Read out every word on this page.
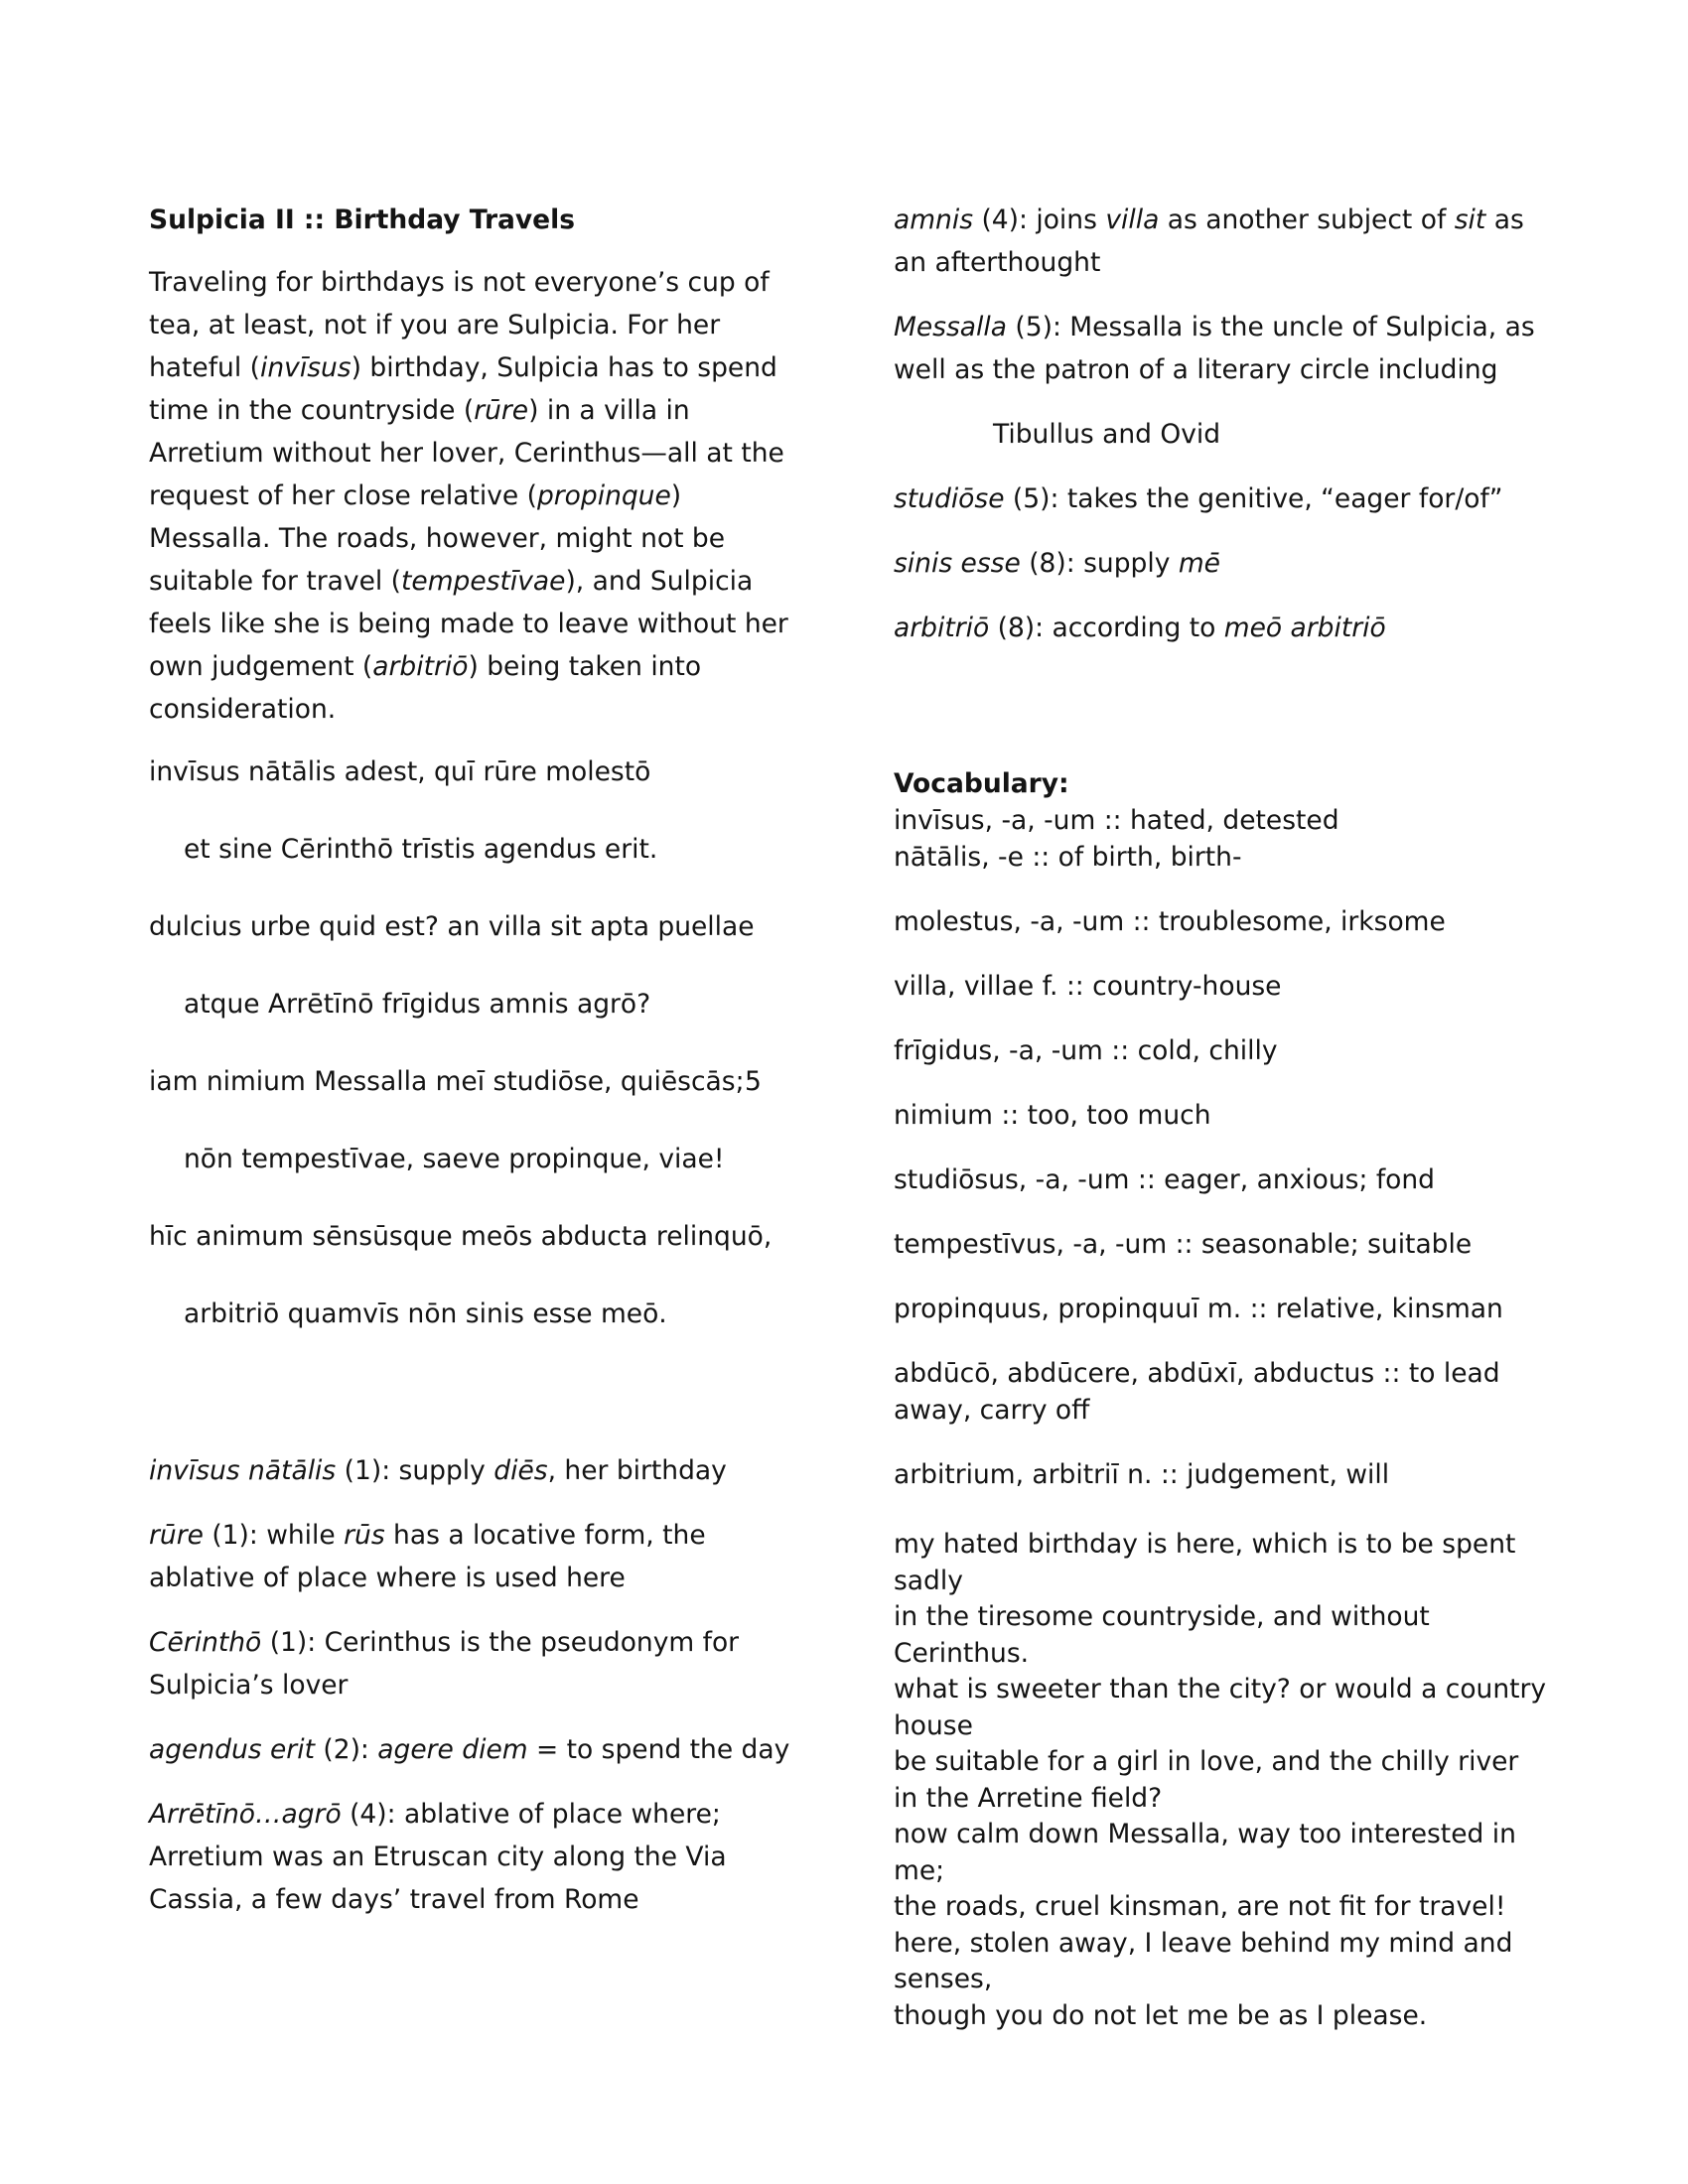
Sulpicia II :: Birthday Travels

Traveling for birthdays is not everyone’s cup of tea, at least, not if you are Sulpicia. For her hateful (invīsus) birthday, Sulpicia has to spend time in the countryside (rūre) in a villa in Arretium without her lover, Cerinthus—all at the request of her close relative (propinque) Messalla. The roads, however, might not be suitable for travel (tempestīvae), and Sulpicia feels like she is being made to leave without her own judgement (arbitriō) being taken into consideration.

invīsus nātālis adest, quī rūre molestō

et sine Cērinthō trīstis agendus erit.

dulcius urbe quid est? an villa sit apta puellae

atque Arrētīnō frīgidus amnis agrō?

iam nimium Messalla meī studiōse, quiēscās; 5

nōn tempestīvae, saeve propinque, viae!

hīc animum sēnsūsque meōs abducta relinquō,

arbitriō quamvīs nōn sinis esse meō.

invīsus nātālis (1): supply diēs, her birthday

rūre (1): while rūs has a locative form, the ablative of place where is used here

Cērinthō (1): Cerinthus is the pseudonym for Sulpicia’s lover

agendus erit (2): agere diem = to spend the day

Arrētīnō…agrō (4): ablative of place where; Arretium was an Etruscan city along the Via Cassia, a few days’ travel from Rome

amnis (4): joins villa as another subject of sit as an afterthought

Messalla (5): Messalla is the uncle of Sulpicia, as well as the patron of a literary circle including

Tibullus and Ovid

studiōse (5): takes the genitive, “eager for/of”

sinis esse (8): supply mē

arbitriō (8): according to meō arbitriō

Vocabulary:

invīsus, -a, -um :: hated, detested

nātālis, -e :: of birth, birth-

molestus, -a, -um :: troublesome, irksome

villa, villae f. :: country-house

frīgidus, -a, -um :: cold, chilly

nimium :: too, too much

studiōsus, -a, -um :: eager, anxious; fond

tempestīvus, -a, -um :: seasonable; suitable

propinquus, propinquuī m. :: relative, kinsman

abdūcō, abdūcere, abdūxī, abductus :: to lead away, carry off

arbitrium, arbitriī n. :: judgement, will

my hated birthday is here, which is to be spent sadly

in the tiresome countryside, and without Cerinthus.

what is sweeter than the city? or would a country house

be suitable for a girl in love, and the chilly river in the Arretine field?

now calm down Messalla, way too interested in me;

the roads, cruel kinsman, are not fit for travel!

here, stolen away, I leave behind my mind and senses,

though you do not let me be as I please.
